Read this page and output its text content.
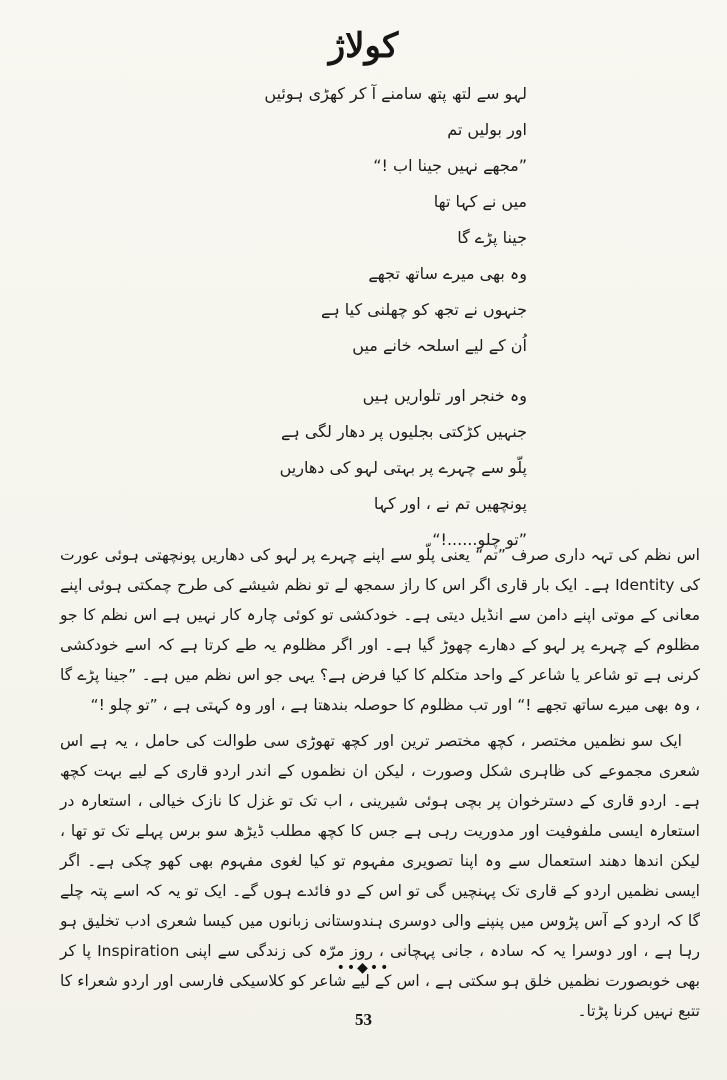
کولاژ
لہو سے لتھ پتھ سامنے آ کر کھڑی ہوئیں
اور بولیں تم
”مجھے نہیں جینا اب !“
میں نے کہا تھا
جینا پڑے گا
وہ بھی میرے ساتھ تجھے
جنہوں نے تجھ کو چھلنی کیا ہے
اُن کے لیے اسلحہ خانے میں
وہ خنجر اور تلواریں ہیں
جنہیں کڑکتی بجلیوں پر دھار لگی ہے
پلّو سے چہرے پر بہتی لہو کی دھاریں
پونچھیں تم نے ، اور کہا
”تو چلو......!“

اس نظم کی تہہ داری صرف ”تم“ یعنی پلّو سے اپنے چہرے پر لہو کی دھاریں پونچھتی ہوئی عورت کی Identity ہے۔ ایک بار قاری اگر اس کا راز سمجھ لے تو نظم شیشے کی طرح چمکتی ہوئی اپنے معانی کے موتی اپنے دامن سے انڈیل دیتی ہے۔ خودکشی تو کوئی چارہ کار نہیں ہے اس نظم کا جو مظلوم کے چہرے پر لہو کے دھارے چھوڑ گیا ہے۔ اور اگر مظلوم یہ طے کرتا ہے کہ اسے خودکشی کرنی ہے تو شاعر یا شاعر کے واحد متکلم کا کیا فرض ہے؟ یہی جو اس نظم میں ہے۔ ”جینا پڑے گا ، وہ بھی میرے ساتھ تجھے !“ اور تب مظلوم کا حوصلہ بندھتا ہے ، اور وہ کہتی ہے ، ”تو چلو !“

ایک سو نظمیں مختصر ، کچھ مختصر ترین اور کچھ تھوڑی سی طوالت کی حامل ، یہ ہے اس شعری مجموعے کی ظاہری شکل وصورت ، لیکن ان نظموں کے اندر اردو قاری کے لیے بہت کچھ ہے۔ اردو قاری کے دسترخوان پر بچی ہوئی شیرینی ، اب تک تو غزل کا نازک خیالی ، استعارہ در استعارہ ایسی ملفوفیت اور مدوریت رہی ہے جس کا کچھ مطلب ڈیڑھ سو برس پہلے تک تو تھا ، لیکن اندھا دھند استعمال سے وہ اپنا تصویری مفہوم تو کیا لغوی مفہوم بھی کھو چکی ہے۔ اگر ایسی نظمیں اردو کے قاری تک پہنچیں گی تو اس کے دو فائدے ہوں گے۔ ایک تو یہ کہ اسے پتہ چلے گا کہ اردو کے آس پڑوس میں پنپنے والی دوسری ہندوستانی زبانوں میں کیسا شعری ادب تخلیق ہو رہا ہے ، اور دوسرا یہ کہ سادہ ، جانی پہچانی ، روز مرّہ کی زندگی سے اپنی Inspiration پا کر بھی خوبصورت نظمیں خلق ہو سکتی ہے ، اس کے لیے شاعر کو کلاسیکی فارسی اور اردو شعراء کا تتبع نہیں کرنا پڑتا۔

••◆••
53
